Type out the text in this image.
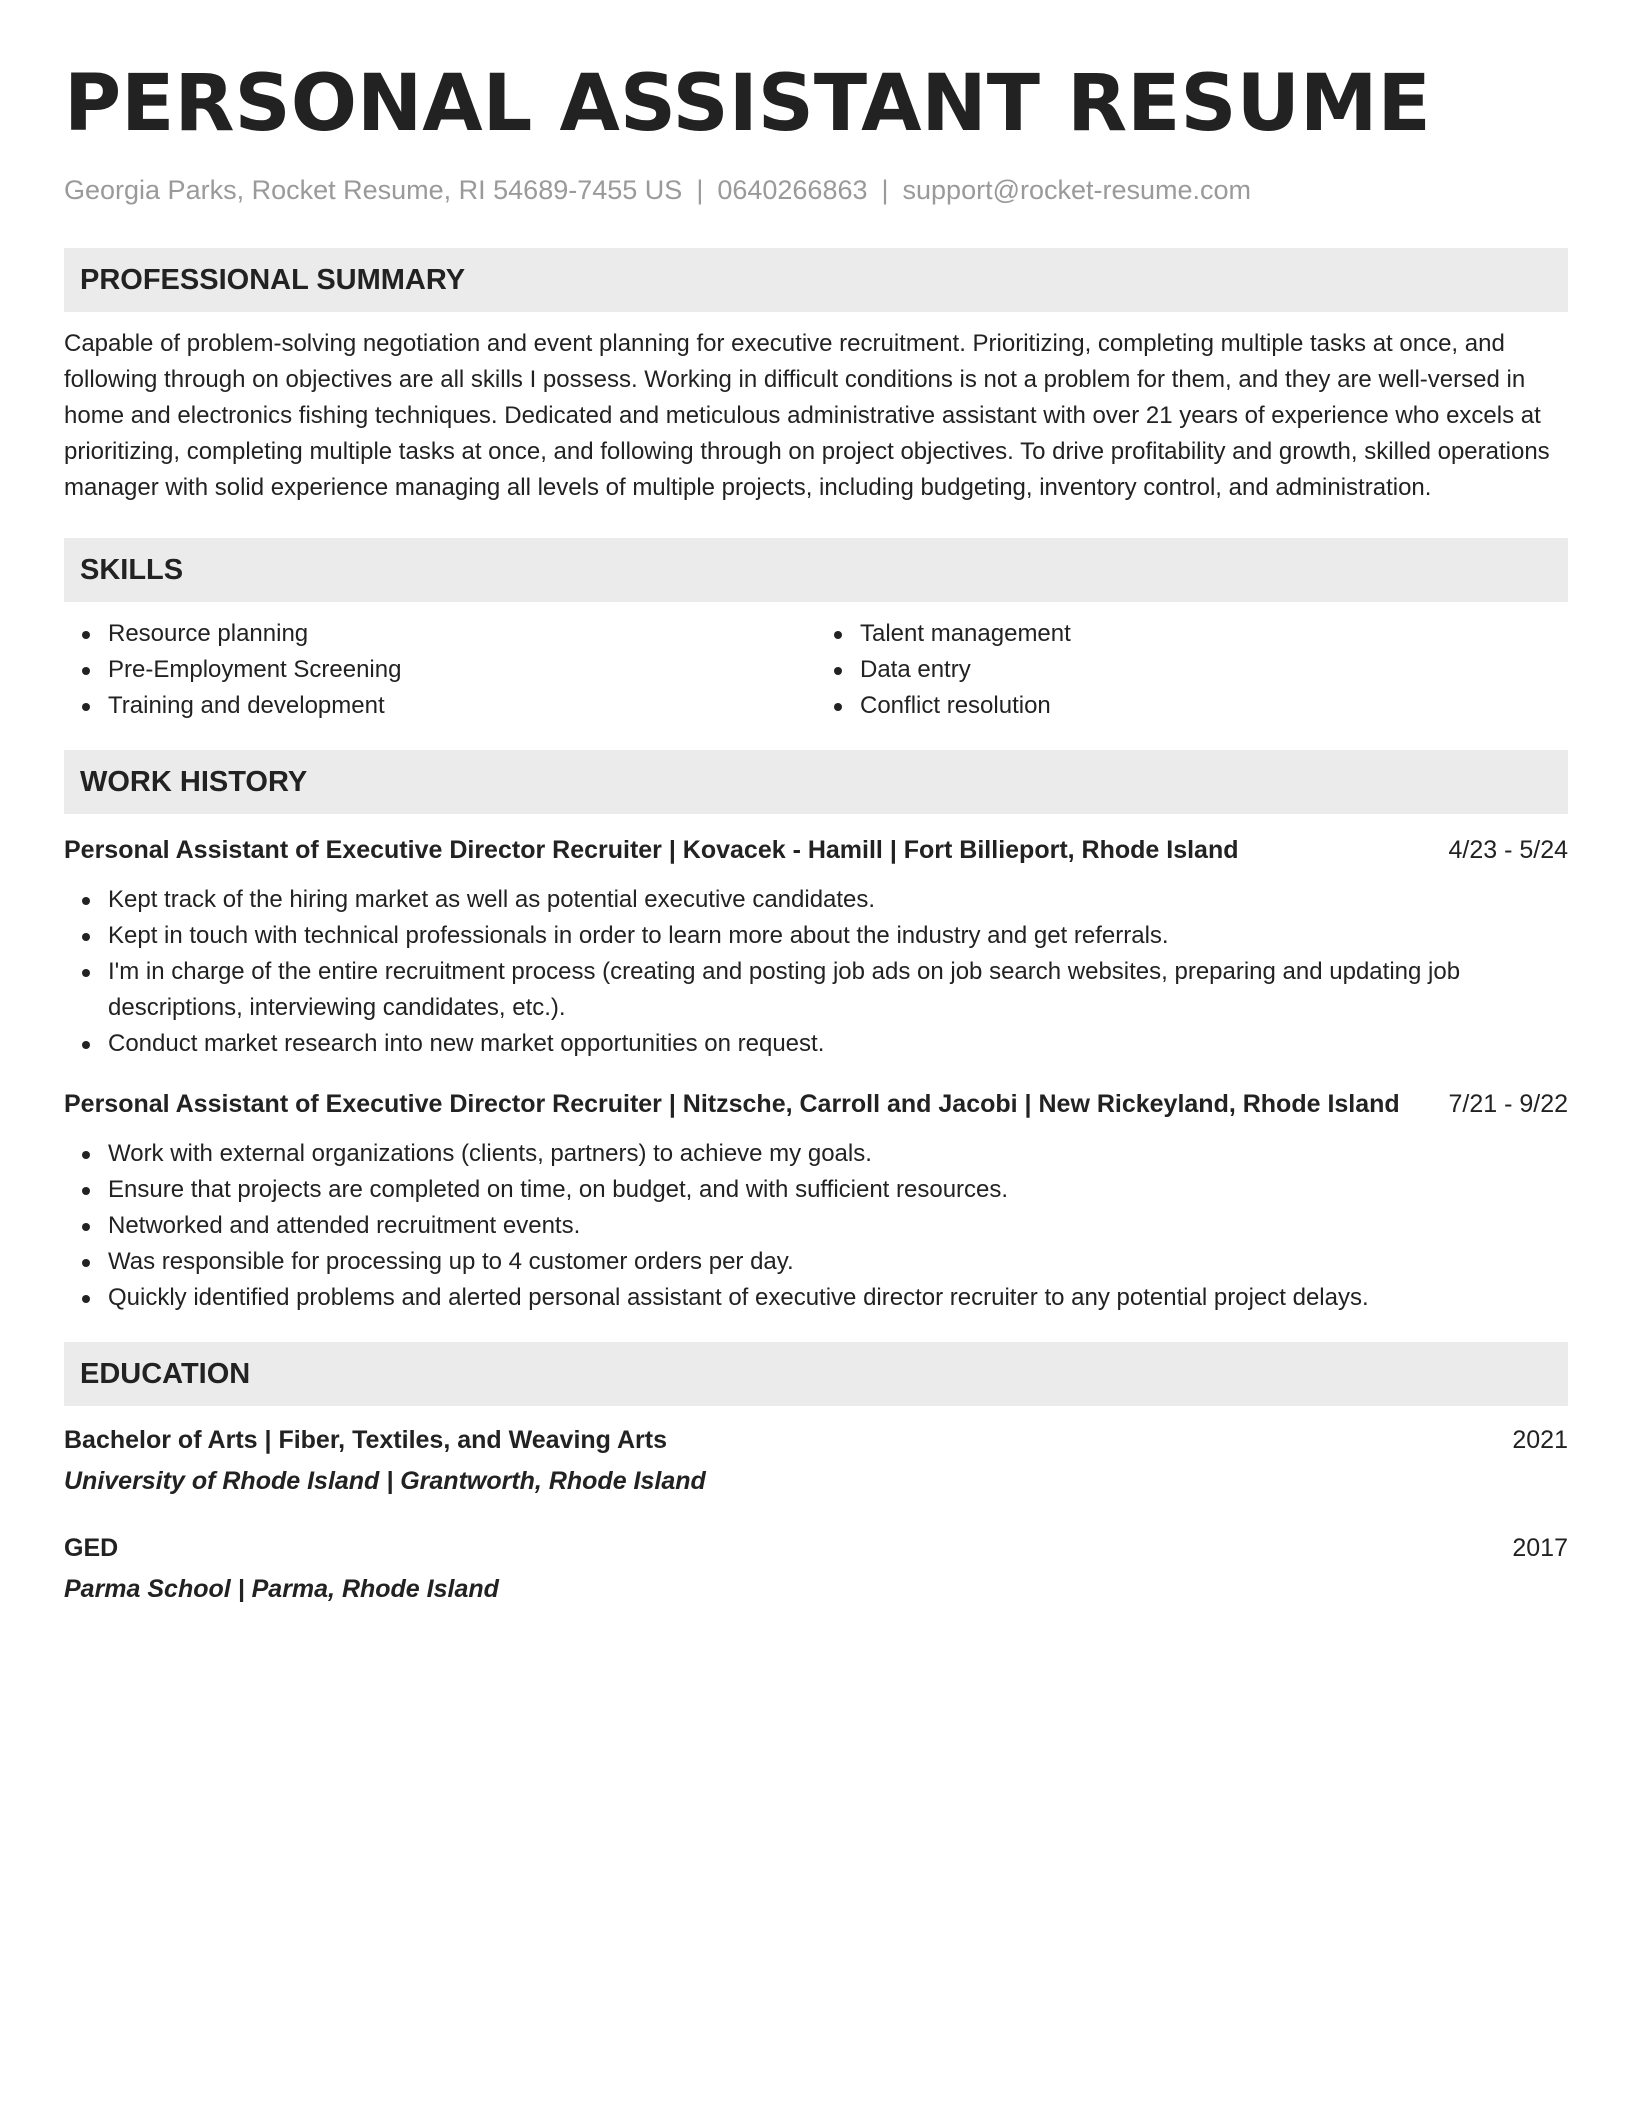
PERSONAL ASSISTANT RESUME
Georgia Parks, Rocket Resume, RI 54689-7455 US | 0640266863 | support@rocket-resume.com
PROFESSIONAL SUMMARY
Capable of problem-solving negotiation and event planning for executive recruitment. Prioritizing, completing multiple tasks at once, and following through on objectives are all skills I possess. Working in difficult conditions is not a problem for them, and they are well-versed in home and electronics fishing techniques. Dedicated and meticulous administrative assistant with over 21 years of experience who excels at prioritizing, completing multiple tasks at once, and following through on project objectives. To drive profitability and growth, skilled operations manager with solid experience managing all levels of multiple projects, including budgeting, inventory control, and administration.
SKILLS
Resource planning
Pre-Employment Screening
Training and development
Talent management
Data entry
Conflict resolution
WORK HISTORY
Personal Assistant of Executive Director Recruiter | Kovacek - Hamill | Fort Billieport, Rhode Island	4/23 - 5/24
Kept track of the hiring market as well as potential executive candidates.
Kept in touch with technical professionals in order to learn more about the industry and get referrals.
I'm in charge of the entire recruitment process (creating and posting job ads on job search websites, preparing and updating job descriptions, interviewing candidates, etc.).
Conduct market research into new market opportunities on request.
Personal Assistant of Executive Director Recruiter | Nitzsche, Carroll and Jacobi | New Rickeyland, Rhode Island 7/21 - 9/22
Work with external organizations (clients, partners) to achieve my goals.
Ensure that projects are completed on time, on budget, and with sufficient resources.
Networked and attended recruitment events.
Was responsible for processing up to 4 customer orders per day.
Quickly identified problems and alerted personal assistant of executive director recruiter to any potential project delays.
EDUCATION
Bachelor of Arts | Fiber, Textiles, and Weaving Arts	2021
University of Rhode Island | Grantworth, Rhode Island
GED	2017
Parma School | Parma, Rhode Island
